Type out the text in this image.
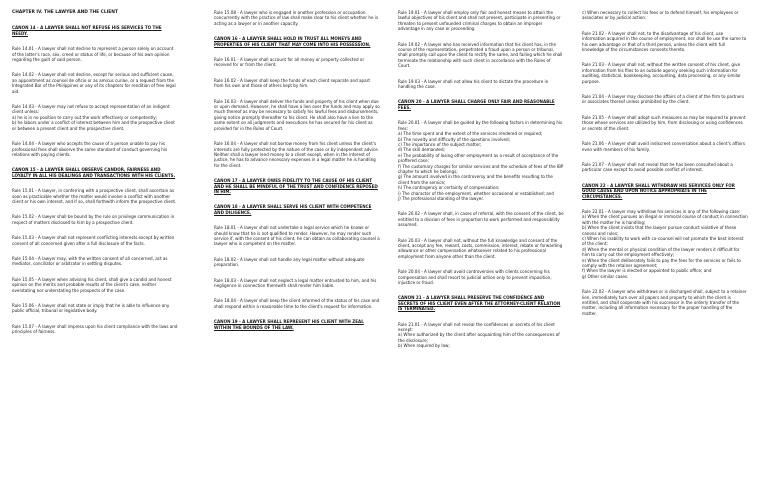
CHAPTER IV. THE LAWYER AND THE CLIENT
CANON 14 - A LAWYER SHALL NOT REFUSE HIS SERVICES TO THE NEEDY.
Rule 14.01 - A lawyer shall not decline to represent a person solely on account of the latter's race, sex, creed or status of life, or because of his own opinion regarding the guilt of said person.
Rule 14.02 - A lawyer shall not decline, except for serious and sufficient cause, an appointment as counsel de oficio or as amicus curiae, or a request from the Integrated Bar of the Philippines or any of its chapters for rendition of free legal aid.
Rule 14.03 - A lawyer may not refuse to accept representation of an indigent client unless:
a) he is in no position to carry out the work effectively or competently;
b) he labors under a conflict of interest between him and the prospective client or between a present client and the prospective client.
Rule 14.04 - A lawyer who accepts the cause of a person unable to pay his professional fees shall observe the same standard of conduct governing his relations with paying clients.
CANON 15 - A LAWYER SHALL OBSERVE CANDOR, FAIRNESS AND LOYALTY IN ALL HIS DEALINGS AND TRANSACTIONS WITH HIS CLIENTS.
Rule 15.01 - A lawyer, in conferring with a prospective client, shall ascertain as soon as practicable whether the matter would involve a conflict with another client or his own interest, and if so, shall forthwith inform the prospective client.
Rule 15.02 - A lawyer shall be bound by the rule on privilege communication in respect of matters disclosed to him by a prospective client.
Rule 15.03 - A lawyer shall not represent conflicting interests except by written consent of all concerned given after a full disclosure of the facts.
Rule 15.04 - A lawyer may, with the written consent of all concerned, act as mediator, conciliator or arbitrator in settling disputes.
Rule 15.05 - A lawyer when advising his client, shall give a candid and honest opinion on the merits and probable results of the client's case, neither overstating nor understating the prospects of the case.
Rule 15.06 - A lawyer shall not state or imply that he is able to influence any public official, tribunal or legislative body.
Rule 15.07 - A lawyer shall impress upon his client compliance with the laws and principles of fairness.
Rule 15.08 - A lawyer who is engaged in another profession or occupation concurrently with the practice of law shall make clear to his client whether he is acting as a lawyer or in another capacity.
CANON 16 - A LAWYER SHALL HOLD IN TRUST ALL MONEYS AND PROPERTIES OF HIS CLIENT THAT MAY COME INTO HIS POSSESSION.
Rule 16.01 - A lawyer shall account for all money or property collected or received for or from the client.
Rule 16.02 - A lawyer shall keep the funds of each client separate and apart from his own and those of others kept by him.
Rule 16.03 - A lawyer shall deliver the funds and property of his client when due or upon demand. However, he shall have a lien over the funds and may apply so much thereof as may be necessary to satisfy his lawful fees and disbursements, giving notice promptly thereafter to his client. He shall also have a lien to the same extent on all judgments and executions he has secured for his client as provided for in the Rules of Court.
Rule 16.04 - A lawyer shall not borrow money from his client unless the client's interests are fully protected by the nature of the case or by independent advice. Neither shall a lawyer lend money to a client except, when in the interest of justice, he has to advance necessary expenses in a legal matter he is handling for the client.
CANON 17 - A LAWYER OWES FIDELITY TO THE CAUSE OF HIS CLIENT AND HE SHALL BE MINDFUL OF THE TRUST AND CONFIDENCE REPOSED IN HIM.
CANON 18 - A LAWYER SHALL SERVE HIS CLIENT WITH COMPETENCE AND DILIGENCE.
Rule 18.01 - A lawyer shall not undertake a legal service which he knows or should know that he is not qualified to render. However, he may render such service if, with the consent of his client, he can obtain as collaborating counsel a lawyer who is competent on the matter.
Rule 18.02 - A lawyer shall not handle any legal matter without adequate preparation.
Rule 18.03 - A lawyer shall not neglect a legal matter entrusted to him, and his negligence in connection therewith shall render him liable.
Rule 18.04 - A lawyer shall keep the client informed of the status of his case and shall respond within a reasonable time to the client's request for information.
CANON 19 - A LAWYER SHALL REPRESENT HIS CLIENT WITH ZEAL WITHIN THE BOUNDS OF THE LAW.
Rule 19.01 - A lawyer shall employ only fair and honest means to attain the lawful objectives of his client and shall not present, participate in presenting or threaten to present unfounded criminal charges to obtain an improper advantage in any case or proceeding.
Rule 19.02 - A lawyer who has received information that his client has, in the course of the representation, perpetrated a fraud upon a person or tribunal, shall promptly call upon the client to rectify the same, and failing which he shall terminate the relationship with such client in accordance with the Rules of Court.
Rule 19.03 - A lawyer shall not allow his client to dictate the procedure in handling the case.
CANON 20 - A LAWYER SHALL CHARGE ONLY FAIR AND REASONABLE FEES.
Rule 20.01 - A lawyer shall be guided by the following factors in determining his fees:
a) The time spent and the extent of the services rendered or required;
b) The novelty and difficulty of the questions involved;
c) The importance of the subject matter;
d) The skill demanded;
e) The probability of losing other employment as a result of acceptance of the proffered case;
f) The customary charges for similar services and the schedule of fees of the IBP chapter to which he belongs;
g) The amount involved in the controversy and the benefits resulting to the client from the service;
h) The contingency or certainty of compensation;
i) The character of the employment, whether occasional or established; and
j) The professional standing of the lawyer.
Rule 20.02 - A lawyer shall, in cases of referral, with the consent of the client, be entitled to a division of fees in proportion to work performed and responsibility assumed.
Rule 20.03 - A lawyer shall not, without the full knowledge and consent of the client, accept any fee, reward, costs, commission, interest, rebate or forwarding allowance or other compensation whatsoever related to his professional employment from anyone other than the client.
Rule 20.04 - A lawyer shall avoid controversies with clients concerning his compensation and shall resort to judicial action only to prevent imposition, injustice or fraud.
CANON 21 - A LAWYER SHALL PRESERVE THE CONFIDENCE AND SECRETS OF HIS CLIENT EVEN AFTER THE ATTORNEY-CLIENT RELATION IS TERMINATED.
Rule 21.01 - A lawyer shall not reveal the confidences or secrets of his client except:
a) When authorized by the client after acquainting him of the consequences of the disclosure;
b) When required by law;
c) When necessary to collect his fees or to defend himself, his employees or associates or by judicial action.
Rule 21.02 - A lawyer shall not, to the disadvantage of his client, use information acquired in the course of employment, nor shall he use the same to his own advantage or that of a third person, unless the client with full knowledge of the circumstances consents thereto.
Rule 21.03 - A lawyer shall not, without the written consent of his client, give information from his files to an outside agency seeking such information for auditing, statistical, bookkeeping, accounting, data processing, or any similar purpose.
Rule 21.04 - A lawyer may disclose the affairs of a client of the firm to partners or associates thereof unless prohibited by the client.
Rule 21.05 - A lawyer shall adopt such measures as may be required to prevent those whose services are utilized by him, from disclosing or using confidences or secrets of the client.
Rule 21.06 - A lawyer shall avoid indiscreet conversation about a client's affairs even with members of his family.
Rule 21.07 - A lawyer shall not reveal that he has been consulted about a particular case except to avoid possible conflict of interest.
CANON 22 - A LAWYER SHALL WITHDRAW HIS SERVICES ONLY FOR GOOD CAUSE AND UPON NOTICE APPROPRIATE IN THE CIRCUMSTANCES.
Rule 22.01 - A lawyer may withdraw his services in any of the following case:
a) When the client pursues an illegal or immoral course of conduct in connection with the matter he is handling;
b) When the client insists that the lawyer pursue conduct violative of these canons and rules;
c) When his inability to work with co-counsel will not promote the best interest of the client;
d) When the mental or physical condition of the lawyer renders it difficult for him to carry out the employment effectively;
e) When the client deliberately fails to pay the fees for the services or fails to comply with the retainer agreement;
f) When the lawyer is elected or appointed to public office; and
g) Other similar cases.
Rule 22.02 - A lawyer who withdraws or is discharged shall, subject to a retainer lien, immediately turn over all papers and property to which the client is entitled, and shall cooperate with his successor in the orderly transfer of the matter, including all information necessary for the proper handling of the matter.
